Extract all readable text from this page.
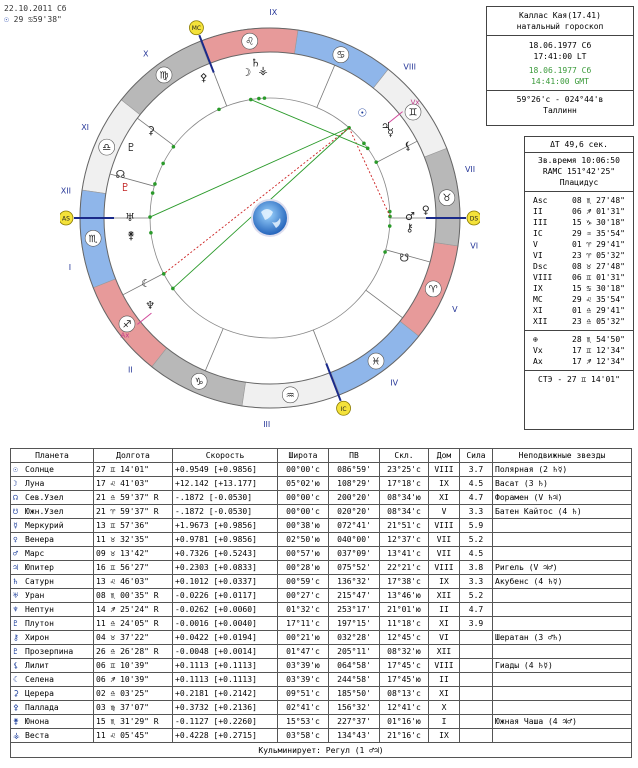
22.10.2011 Сб
☉ 29 ♋59'38"
♈
♉
♊
♋
♌
♍
♎
♏
♐
♑
♒
♓
I
II
III
IV
V
VI
VII
VIII
IX
X
XI
XII
AS	DS
MC
IC
Vx
Ax
☉
☽
☊
☋
☿
♀
♂
♃
♄
♅
♆
♇
⚷
♇
⚸
☾
⚳
⚴
⚵
⚶
Каллас Кая(17.41)
натальный гороскоп
18.06.1977 Сб
17:41:00 LT
18.06.1977 Сб
14:41:00 GMT
59°26'с - 024°44'в
Таллинн
ΔT 49,6 сек.
Зв.время 10:06:50
RAMC 151°42'25"
Плацидус
Asc	08 ♏ 27'48"
II	06 ♐ 01'31"
III	15 ♑ 30'18"
IC	29 ♒ 35'54"
V	01 ♈ 29'41"
VI	23 ♈ 05'32"
Dsc	08 ♉ 27'48"
VIII 06 ♊ 01'31"
IX	15 ♋ 30'18"
MC	29 ♌ 35'54"
XI	01 ♎ 29'41"
XII	23 ♎ 05'32"
⊕	28 ♏ 54'50"
Vx	17 ♊ 12'34"
Ax	17 ♐ 12'34"
СТЭ - 27 ♊ 14'01"
Планета	Долгота	Скорость	Широта	ПВ	Скл.	Дом	Сила	Неподвижные звезды
☉ Солнце	27 ♊ 14'01"	+0.9549 [+0.9856]	00°00'с	086°59'	23°25'с	VIII	3.7	Полярная (2 ♄☿)
☽ Луна	17 ♌ 41'03"	+12.142 [+13.177]	05°02'ю	108°29'	17°18'с	IX	4.5	Васат (3 ♄)
☊ Сев.Узел	21 ♎ 59'37" R	-.1872 [-0.0530]	00°00'с	200°20'	08°34'ю	XI	4.7	Форамен (V ♄♃)
☋ Южн.Узел	21 ♈ 59'37" R	-.1872 [-0.0530]	00°00'с	020°20'	08°34'с	V	3.3	Батен Кайтос (4 ♄)
☿ Меркурий	13 ♊ 57'36"	+1.9673 [+0.9856]	00°38'ю	072°41'	21°51'с	VIII	5.9	
♀ Венера	11 ♉ 32'35"	+0.9781 [+0.9856]	02°50'ю	040°00'	12°37'с	VII	5.2	
♂ Марс	09 ♉ 13'42"	+0.7326 [+0.5243]	00°57'ю	037°09'	13°41'с	VII	4.5	
♃ Юпитер	16 ♊ 56'27"	+0.2303 [+0.0833]	00°28'ю	075°52'	22°21'с	VIII	3.8	Ригель (V ♃♂)
♄ Сатурн	13 ♌ 46'03"	+0.1012 [+0.0337]	00°59'с	136°32'	17°38'с	IX	3.3	Акубенс (4 ♄☿)
♅ Уран	08 ♏ 00'35" R	-0.0226 [+0.0117]	00°27'с	215°47'	13°46'ю	XII	5.2	
♆ Нептун	14 ♐ 25'24" R	-0.0262 [+0.0060]	01°32'с	253°17'	21°01'ю	II	4.7	
♇ Плутон	11 ♎ 24'05" R	-0.0016 [+0.0040]	17°11'с	197°15'	11°18'с	XI	3.9	
⚷ Хирон	04 ♉ 37'22"	+0.0422 [+0.0194]	00°21'ю	032°28'	12°45'с	VI		Шератан (3 ♂♄)
♇ Прозерпина	26 ♎ 26'28" R	-0.0048 [+0.0014]	01°47'с	205°11'	08°32'ю	XII		
⚸ Лилит	06 ♊ 10'39"	+0.1113 [+0.1113]	03°39'ю	064°58'	17°45'с	VIII		Гиады (4 ♄☿)
☾ Селена	06 ♐ 10'39"	+0.1113 [+0.1113]	03°39'с	244°58'	17°45'ю	II		
⚳ Церера	02 ♎ 03'25"	+0.2181 [+0.2142]	09°51'с	185°50'	08°13'с	XI		
⚴ Паллада	03 ♍ 37'07"	+0.3732 [+0.2136]	02°41'с	156°32'	12°41'с	X		
⚵ Юнона	15 ♏ 31'29" R	-0.1127 [+0.2260]	15°53'с	227°37'	01°16'ю	I		Южная Чаша (4 ♃♂)
⚶ Веста	11 ♌ 05'45"	+0.4228 [+0.2715]	03°58'с	134°43'	21°16'с	IX		
Кульминирует: Регул (1 ♂♃)
